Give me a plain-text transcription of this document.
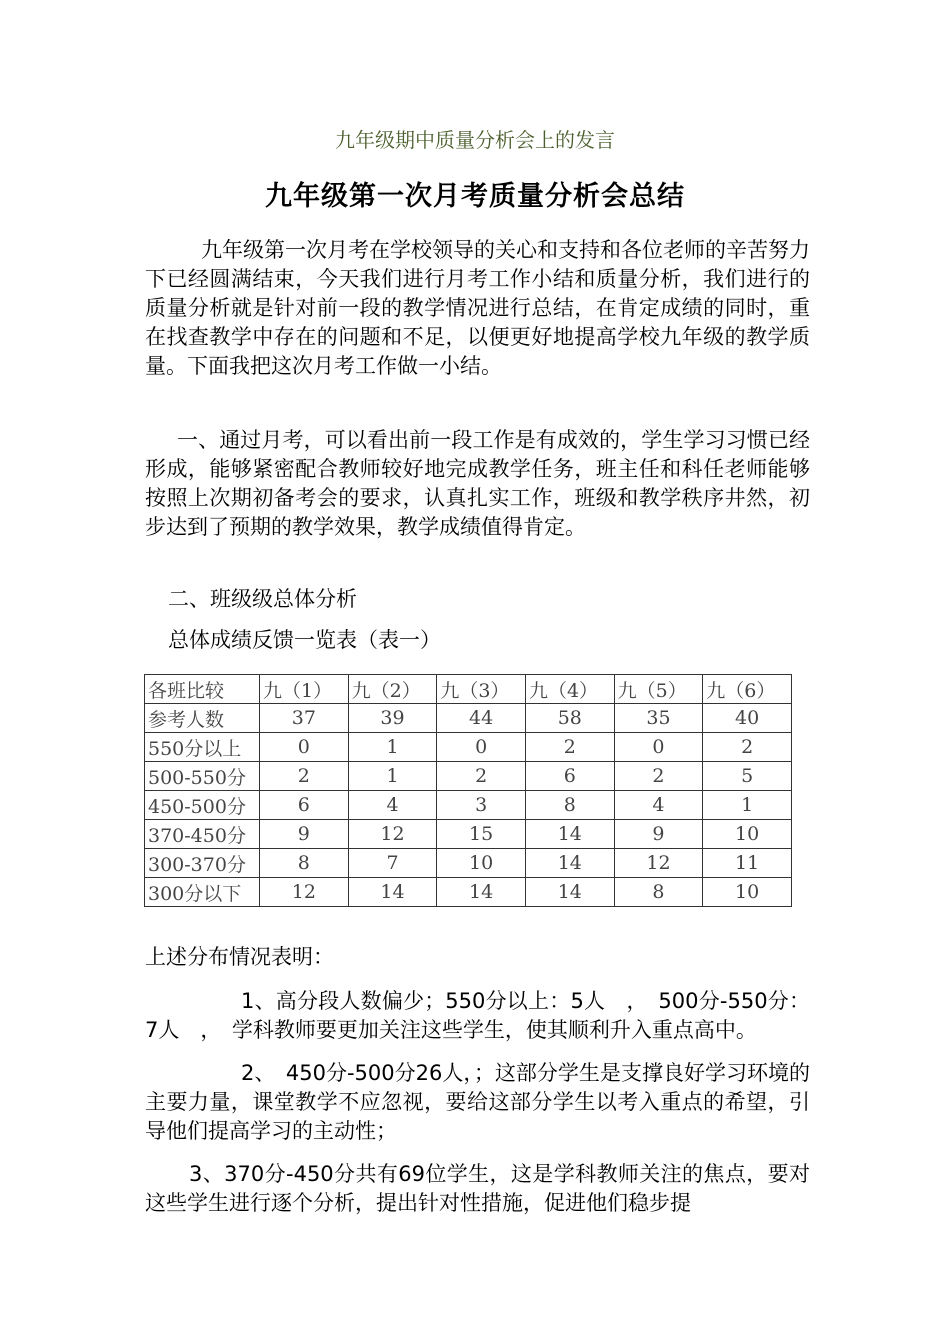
九年级期中质量分析会上的发言
九年级第一次月考质量分析会总结

九年级第一次月考在学校领导的关心和支持和各位老师的辛苦努力下已经圆满结束，今天我们进行月考工作小结和质量分析，我们进行的质量分析就是针对前一段的教学情况进行总结，在肯定成绩的同时，重在找查教学中存在的问题和不足，以便更好地提高学校九年级的教学质量。下面我把这次月考工作做一小结。

一、通过月考，可以看出前一段工作是有成效的，学生学习习惯已经形成，能够紧密配合教师较好地完成教学任务，班主任和科任老师能够按照上次期初备考会的要求，认真扎实工作，班级和教学秩序井然，初步达到了预期的教学效果，教学成绩值得肯定。

二、班级级总体分析

总体成绩反馈一览表（表一）

各班比较	九（1）	九（2）	九（3）	九（4）	九（5）	九（6）
参考人数	37	39	44	58	35	40
550分以上	0	1	0	2	0	2
500-550分	2	1	2	6	2	5
450-500分	6	4	3	8	4	1
370-450分	9	12	15	14	9	10
300-370分	8	7	10	14	12	11
300分以下	12	14	14	14	8	10

上述分布情况表明：

1、高分段人数偏少；550分以上：5人　，　500分-550分：7人　，　学科教师要更加关注这些学生，使其顺利升入重点高中。

2、　450分-500分26人，；这部分学生是支撑良好学习环境的主要力量，课堂教学不应忽视，要给这部分学生以考入重点的希望，引导他们提高学习的主动性；

3、370分-450分共有69位学生，这是学科教师关注的焦点，要对这些学生进行逐个分析，提出针对性措施，促进他们稳步提
